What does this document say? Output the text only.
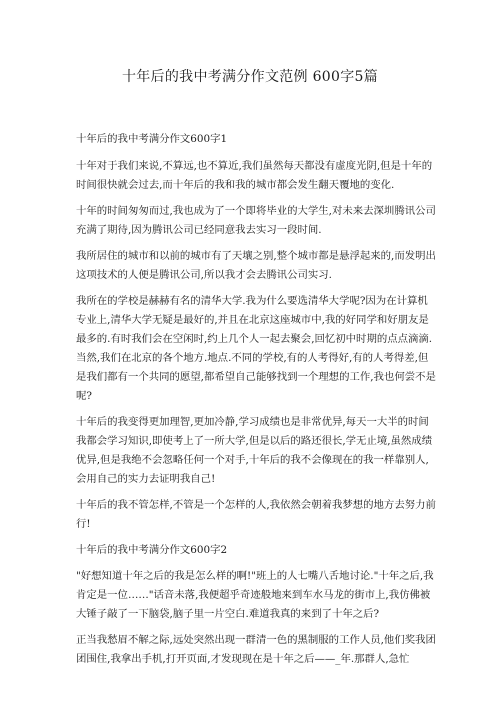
十年后的我中考满分作文范例 600字5篇

十年后的我中考满分作文600字1

十年对于我们来说,不算远,也不算近,我们虽然每天都没有虚度光阴,但是十年的时间很快就会过去,而十年后的我和我的城市都会发生翻天覆地的变化.

十年的时间匆匆而过,我也成为了一个即将毕业的大学生,对未来去深圳腾讯公司充满了期待,因为腾讯公司已经同意我去实习一段时间.

我所居住的城市和以前的城市有了天壤之别,整个城市都是悬浮起来的,而发明出这项技术的人便是腾讯公司,所以我才会去腾讯公司实习.

我所在的学校是赫赫有名的清华大学.我为什么要选清华大学呢?因为在计算机专业上,清华大学无疑是最好的,并且在北京这座城市中,我的好同学和好朋友是最多的.有时我们会在空闲时,约上几个人一起去聚会,回忆初中时期的点点滴滴.当然,我们在北京的各个地方.地点.不同的学校,有的人考得好,有的人考得差,但是我们都有一个共同的愿望,都希望自己能够找到一个理想的工作,我也何尝不是呢?

十年后的我变得更加理智,更加冷静,学习成绩也是非常优异,每天一大半的时间我都会学习知识,即使考上了一所大学,但是以后的路还很长,学无止境,虽然成绩优异,但是我绝不会忽略任何一个对手,十年后的我不会像现在的我一样靠别人,会用自己的实力去证明我自己!

十年后的我不管怎样,不管是一个怎样的人,我依然会朝着我梦想的地方去努力前行!

十年后的我中考满分作文600字2

"好想知道十年之后的我是怎么样的啊!"班上的人七嘴八舌地讨论."十年之后,我肯定是一位……"话音未落,我便超乎奇迹般地来到车水马龙的街市上,我仿佛被大锤子敲了一下脑袋,脑子里一片空白.难道我真的来到了十年之后?

正当我愁眉不解之际,远处突然出现一群清一色的黑制服的工作人员,他们奖我团团围住,我拿出手机,打开页面,才发现现在是十年之后——_年.那群人,急忙
